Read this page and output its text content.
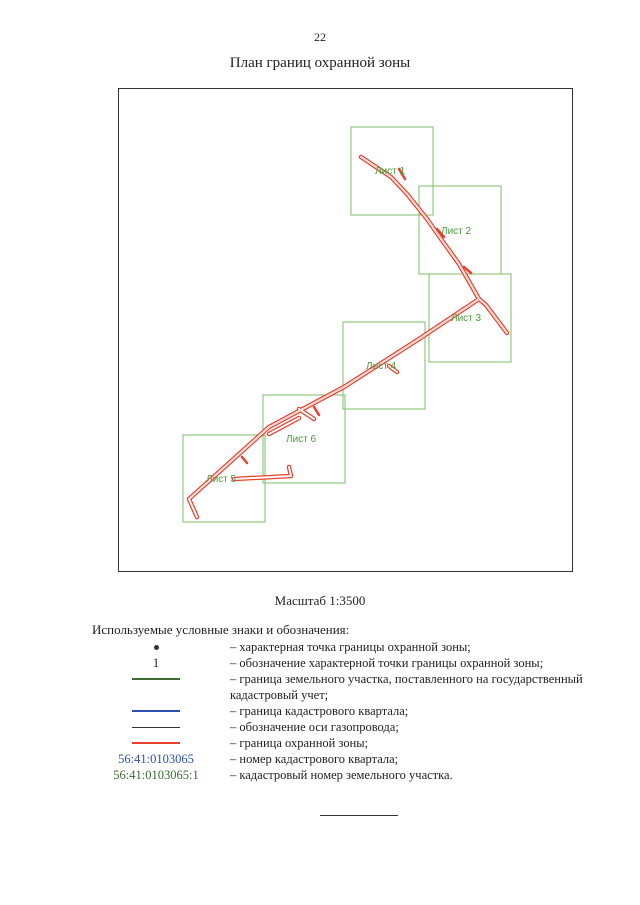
22
План границ охранной зоны
Лист 1
Лист 2
Лист 3
Лист 4
Лист 6
Лист 5
Масштаб 1:3500
Используемые условные знаки и обозначения:
– характерная точка границы охранной зоны;
1	– обозначение характерной точки границы охранной зоны;
– граница земельного участка, поставленного на государственный кадастровый учет;
– граница кадастрового квартала;
– обозначение оси газопровода;
– граница охранной зоны;
56:41:0103065	– номер кадастрового квартала;
56:41:0103065:1	– кадастровый номер земельного участка.
